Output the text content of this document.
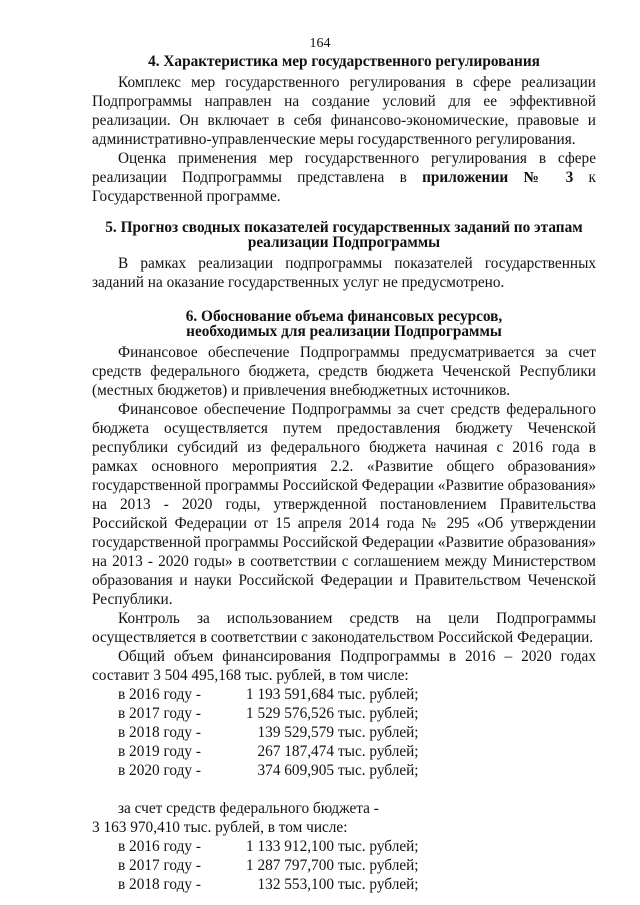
164
4. Характеристика мер государственного регулирования

Комплекс мер государственного регулирования в сфере реализации Подпрограммы направлен на создание условий для ее эффективной реализации. Он включает в себя финансово-экономические, правовые и административно-управленческие меры государственного регулирования.

Оценка применения мер государственного регулирования в сфере реализации Подпрограммы представлена в приложении № 3 к Государственной программе.

5. Прогноз сводных показателей государственных заданий по этапам
реализации Подпрограммы

В рамках реализации подпрограммы показателей государственных заданий на оказание государственных услуг не предусмотрено.

6. Обоснование объема финансовых ресурсов,
необходимых для реализации Подпрограммы

Финансовое обеспечение Подпрограммы предусматривается за счет средств федерального бюджета, средств бюджета Чеченской Республики (местных бюджетов) и привлечения внебюджетных источников.

Финансовое обеспечение Подпрограммы за счет средств федерального бюджета осуществляется путем предоставления бюджету Чеченской республики субсидий из федерального бюджета начиная с 2016 года в рамках основного мероприятия 2.2. «Развитие общего образования» государственной программы Российской Федерации «Развитие образования» на 2013 - 2020 годы, утвержденной постановлением Правительства Российской Федерации от 15 апреля 2014 года № 295 «Об утверждении государственной программы Российской Федерации «Развитие образования» на 2013 - 2020 годы» в соответствии с соглашением между Министерством образования и науки Российской Федерации и Правительством Чеченской Республики.

Контроль за использованием средств на цели Подпрограммы осуществляется в соответствии с законодательством Российской Федерации.

Общий объем финансирования Подпрограммы в 2016 – 2020 годах составит 3 504 495,168 тыс. рублей, в том числе:

в 2016 году -	1 193 591,684 тыс. рублей;
в 2017 году -	1 529 576,526 тыс. рублей;
в 2018 году -	139 529,579 тыс. рублей;
в 2019 году -	267 187,474 тыс. рублей;
в 2020 году -	374 609,905 тыс. рублей;

за счет средств федерального бюджета -

3 163 970,410 тыс. рублей, в том числе:

в 2016 году -	1 133 912,100 тыс. рублей;
в 2017 году -	1 287 797,700 тыс. рублей;
в 2018 году -	132 553,100 тыс. рублей;
